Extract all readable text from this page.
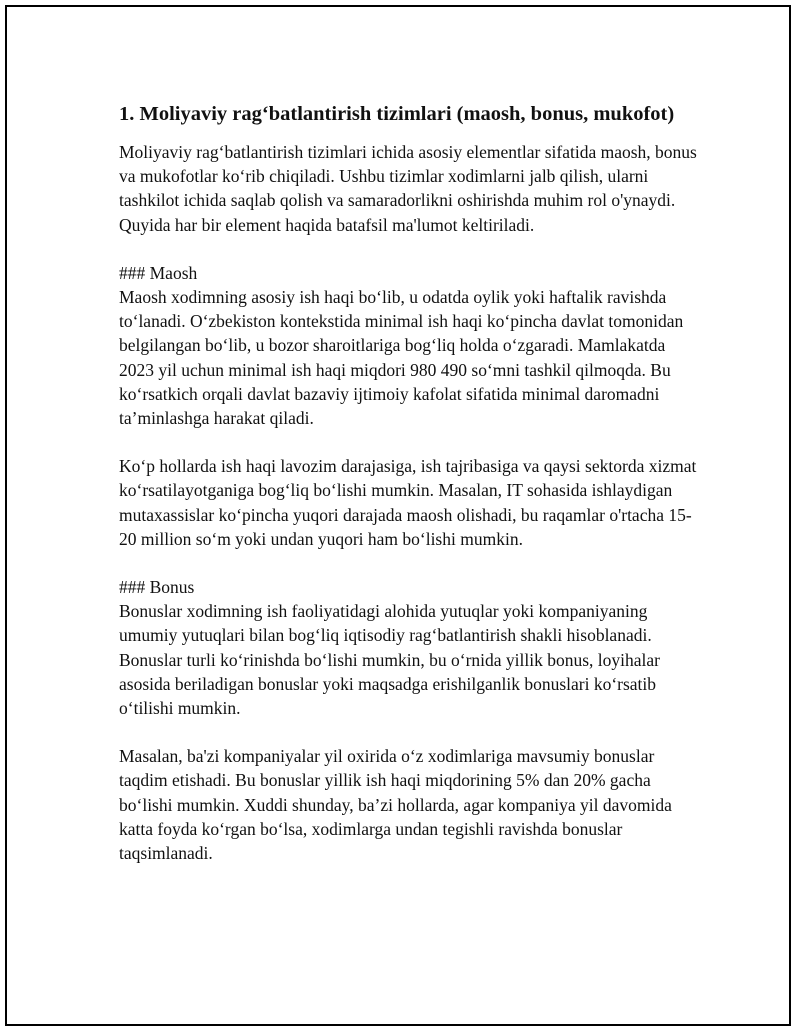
1. Moliyaviy rag‘batlantirish tizimlari (maosh, bonus, mukofot)

Moliyaviy rag‘batlantirish tizimlari ichida asosiy elementlar sifatida maosh, bonus va mukofotlar ko‘rib chiqiladi. Ushbu tizimlar xodimlarni jalb qilish, ularni tashkilot ichida saqlab qolish va samaradorlikni oshirishda muhim rol o'ynaydi. Quyida har bir element haqida batafsil ma'lumot keltiriladi.

### Maosh
Maosh xodimning asosiy ish haqi bo‘lib, u odatda oylik yoki haftalik ravishda to‘lanadi. O‘zbekiston kontekstida minimal ish haqi ko‘pincha davlat tomonidan belgilangan bo‘lib, u bozor sharoitlariga bog‘liq holda o‘zgaradi. Mamlakatda 2023 yil uchun minimal ish haqi miqdori 980 490 so‘mni tashkil qilmoqda. Bu ko‘rsatkich orqali davlat bazaviy ijtimoiy kafolat sifatida minimal daromadni ta’minlashga harakat qiladi.

Ko‘p hollarda ish haqi lavozim darajasiga, ish tajribasiga va qaysi sektorda xizmat ko‘rsatilayotganiga bog‘liq bo‘lishi mumkin. Masalan, IT sohasida ishlaydigan mutaxassislar ko‘pincha yuqori darajada maosh olishadi, bu raqamlar o'rtacha 15-20 million so‘m yoki undan yuqori ham bo‘lishi mumkin.

### Bonus
Bonuslar xodimning ish faoliyatidagi alohida yutuqlar yoki kompaniyaning umumiy yutuqlari bilan bog‘liq iqtisodiy rag‘batlantirish shakli hisoblanadi. Bonuslar turli ko‘rinishda bo‘lishi mumkin, bu o‘rnida yillik bonus, loyihalar asosida beriladigan bonuslar yoki maqsadga erishilganlik bonuslari ko‘rsatib o‘tilishi mumkin.

Masalan, ba'zi kompaniyalar yil oxirida o‘z xodimlariga mavsumiy bonuslar taqdim etishadi. Bu bonuslar yillik ish haqi miqdorining 5% dan 20% gacha bo‘lishi mumkin. Xuddi shunday, ba’zi hollarda, agar kompaniya yil davomida katta foyda ko‘rgan bo‘lsa, xodimlarga undan tegishli ravishda bonuslar taqsimlanadi.
